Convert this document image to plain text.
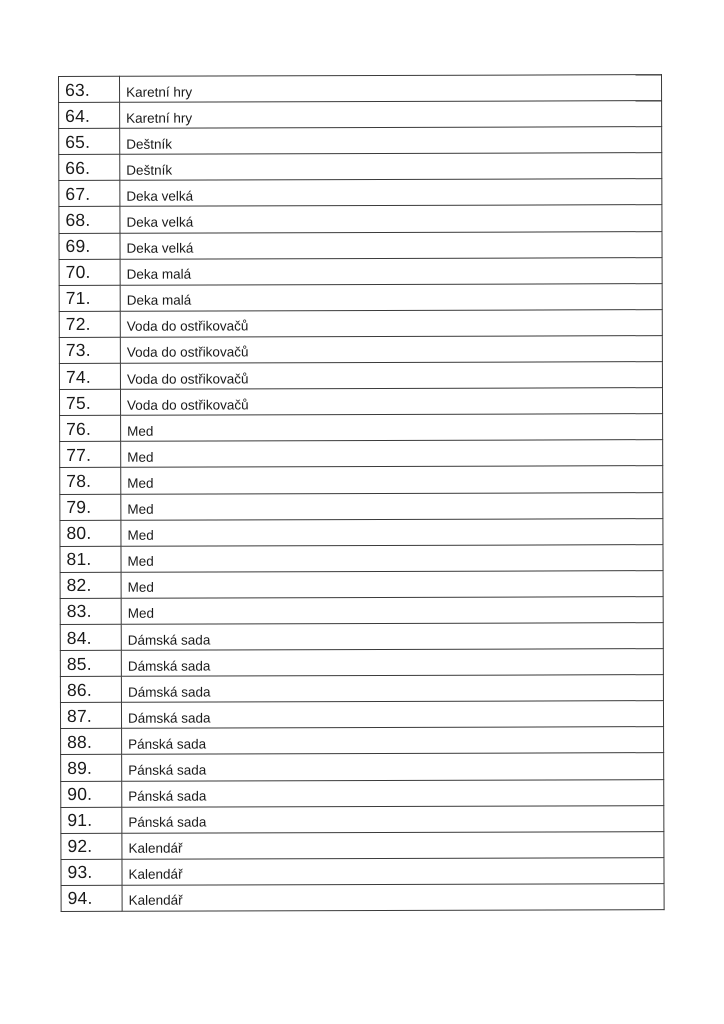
63.	Karetní hry
64.	Karetní hry
65.	Deštník
66.	Deštník
67.	Deka velká
68.	Deka velká
69.	Deka velká
70.	Deka malá
71.	Deka malá
72.	Voda do ostřikovačů
73.	Voda do ostřikovačů
74.	Voda do ostřikovačů
75.	Voda do ostřikovačů
76.	Med
77.	Med
78.	Med
79.	Med
80.	Med
81.	Med
82.	Med
83.	Med
84.	Dámská sada
85.	Dámská sada
86.	Dámská sada
87.	Dámská sada
88.	Pánská sada
89.	Pánská sada
90.	Pánská sada
91.	Pánská sada
92.	Kalendář
93.	Kalendář
94.	Kalendář
